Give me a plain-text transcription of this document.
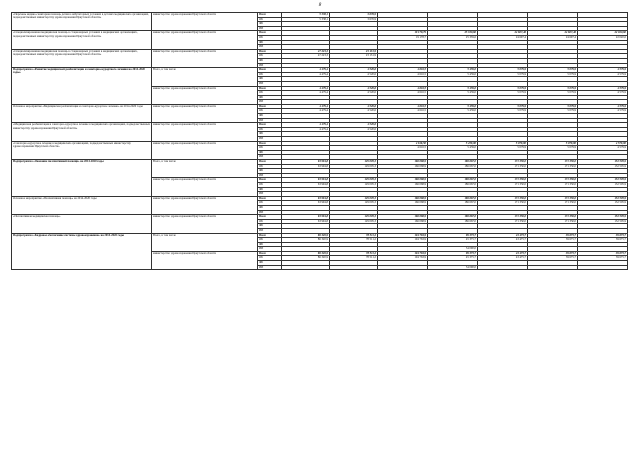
8
«Перечень медико-санитарная помощь детям в амбулаторных условиях в детских медицинских организациях, подведомственных министерству здравоохранения Иркутской области»	министерство здравоохранения Иркутской области	Всего	5 338,1	3 676,9					
		ОБ	5 338,1	3 676,9					
		ФБ							
		ИИ							
«Специализированная медицинская помощь в стационарных условиях в медицинских организациях, подведомственных министерству здравоохранения Иркутской области»	министерство здравоохранения Иркутской области	Всего			19 178,79	25 339,60	24 607,46	24 607,46	22 020,60
		ОБ			19 178,7	25 339,6	24 607,4	24 607,4	22 020,6
		ФБ							
		ИИ							
«Специализированная медицинская помощь в стационарных условиях в медицинских организациях, подведомственных министерству здравоохранения Иркутской области»	министерство здравоохранения Иркутской области	Всего	47 223,3	23 131,9					
		ОБ	47 223,3	23 131,9					
		ФБ							
		ИИ							
Подпрограмма «Развитие медицинской реабилитации и санаторно-курортного лечения на 2014-2020 годы»	Всего, в том числе	Всего	4 479,4	4 520,6	4 616,5	5 459,0	5 079,9	5 079,9	4 579,9
		ОБ	4 479,4	4 520,6	4 616,5	5 459,0	5 079,9	5 079,9	4 579,9
		ФБ							
		ИИ							
	министерство здравоохранения Иркутской области	Всего	4 479,4	4 520,6	4 616,5	5 459,0	5 079,9	5 079,9	4 579,9
		ОБ	4 479,4	4 520,6	4 616,5	5 459,0	5 079,9	5 079,9	4 579,9
		ФБ							
		ИИ							
Основное мероприятие «Медицинская реабилитация и санаторно-курортное лечение» на 2014-2020 годы	министерство здравоохранения Иркутской области	Всего	4 479,4	4 520,6	4 616,5	5 459,0	5 079,9	5 079,9	4 579,9
		ОБ	4 479,4	4 520,6	4 616,5	5 459,0	5 079,9	5 079,9	4 579,9
		ФБ							
		ИИ							
«Медицинская реабилитация и санаторно-курортное лечение в медицинских организациях, подведомственных министерству здравоохранения Иркутской области»	министерство здравоохранения Иркутской области	Всего	4 479,4	4 520,6					
		ОБ	4 479,4	4 520,6					
		ФБ							
		ИИ							
«Санаторно-курортное лечение в медицинских организациях, подведомственных министерству здравоохранения Иркутской области»	министерство здравоохранения Иркутской области	Всего			4 616,50	5 459,00	5 079,90	5 079,90	4 579,90
		ОБ			4 616,5	5 459,0	5 079,9	5 079,9	4 579,9
		ФБ							
		ИИ							
Подпрограмма «Оказание паллиативной помощи» на 2014-2020 годы	Всего, в том числе	Всего	63 994,8	129 005,3	166 068,9	186 667,0	171 350,0	171 350,0	152 505,9
		ОБ	63 994,8	129 005,3	166 068,9	186 667,0	171 350,0	171 350,0	152 505,9
		ФБ							
		ИИ							
	министерство здравоохранения Иркутской области	Всего	63 994,8	129 005,3	166 068,9	186 667,0	171 350,0	171 350,0	152 505,9
		ОБ	63 994,8	129 005,3	166 068,9	186 667,0	171 350,0	171 350,0	152 505,9
		ФБ							
		ИИ							
Основное мероприятие «Паллиативная помощь» на 2014-2020 годы	министерство здравоохранения Иркутской области	Всего	63 994,8	129 005,3	166 068,9	186 667,0	171 350,0	171 350,0	152 505,9
		ОБ	63 994,8	129 005,3	166 068,9	186 667,0	171 350,0	171 350,0	152 505,9
		ФБ							
		ИИ							
«Паллиативная медицинская помощь»	министерство здравоохранения Иркутской области	Всего	63 994,8	129 005,3	166 068,9	186 667,0	171 350,0	171 350,0	152 505,9
		ОБ	63 994,8	129 005,3	166 068,9	186 667,0	171 350,0	171 350,0	152 505,9
		ФБ							
		ИИ							
Подпрограмма «Кадровое обеспечение системы здравоохранения» на 2014-2020 годы	Всего, в том числе	Всего	86 320,9	78 511,2	104 763,9	99 375,7	43 475,7	39 675,7	39 675,7
		ОБ	86 320,9	78 511,2	104 763,9	45 375,7	43 475,7	39 675,7	39 675,7
		ФБ							
		ИИ				54 000,0			
	министерство здравоохранения Иркутской области	Всего	86 320,9	78 511,2	104 763,9	99 375,7	43 475,7	39 675,7	39 675,7
		ОБ	86 320,9	78 511,2	104 763,9	45 375,7	43 475,7	39 675,7	39 675,7
		ФБ							
		ИИ				54 000,0			
